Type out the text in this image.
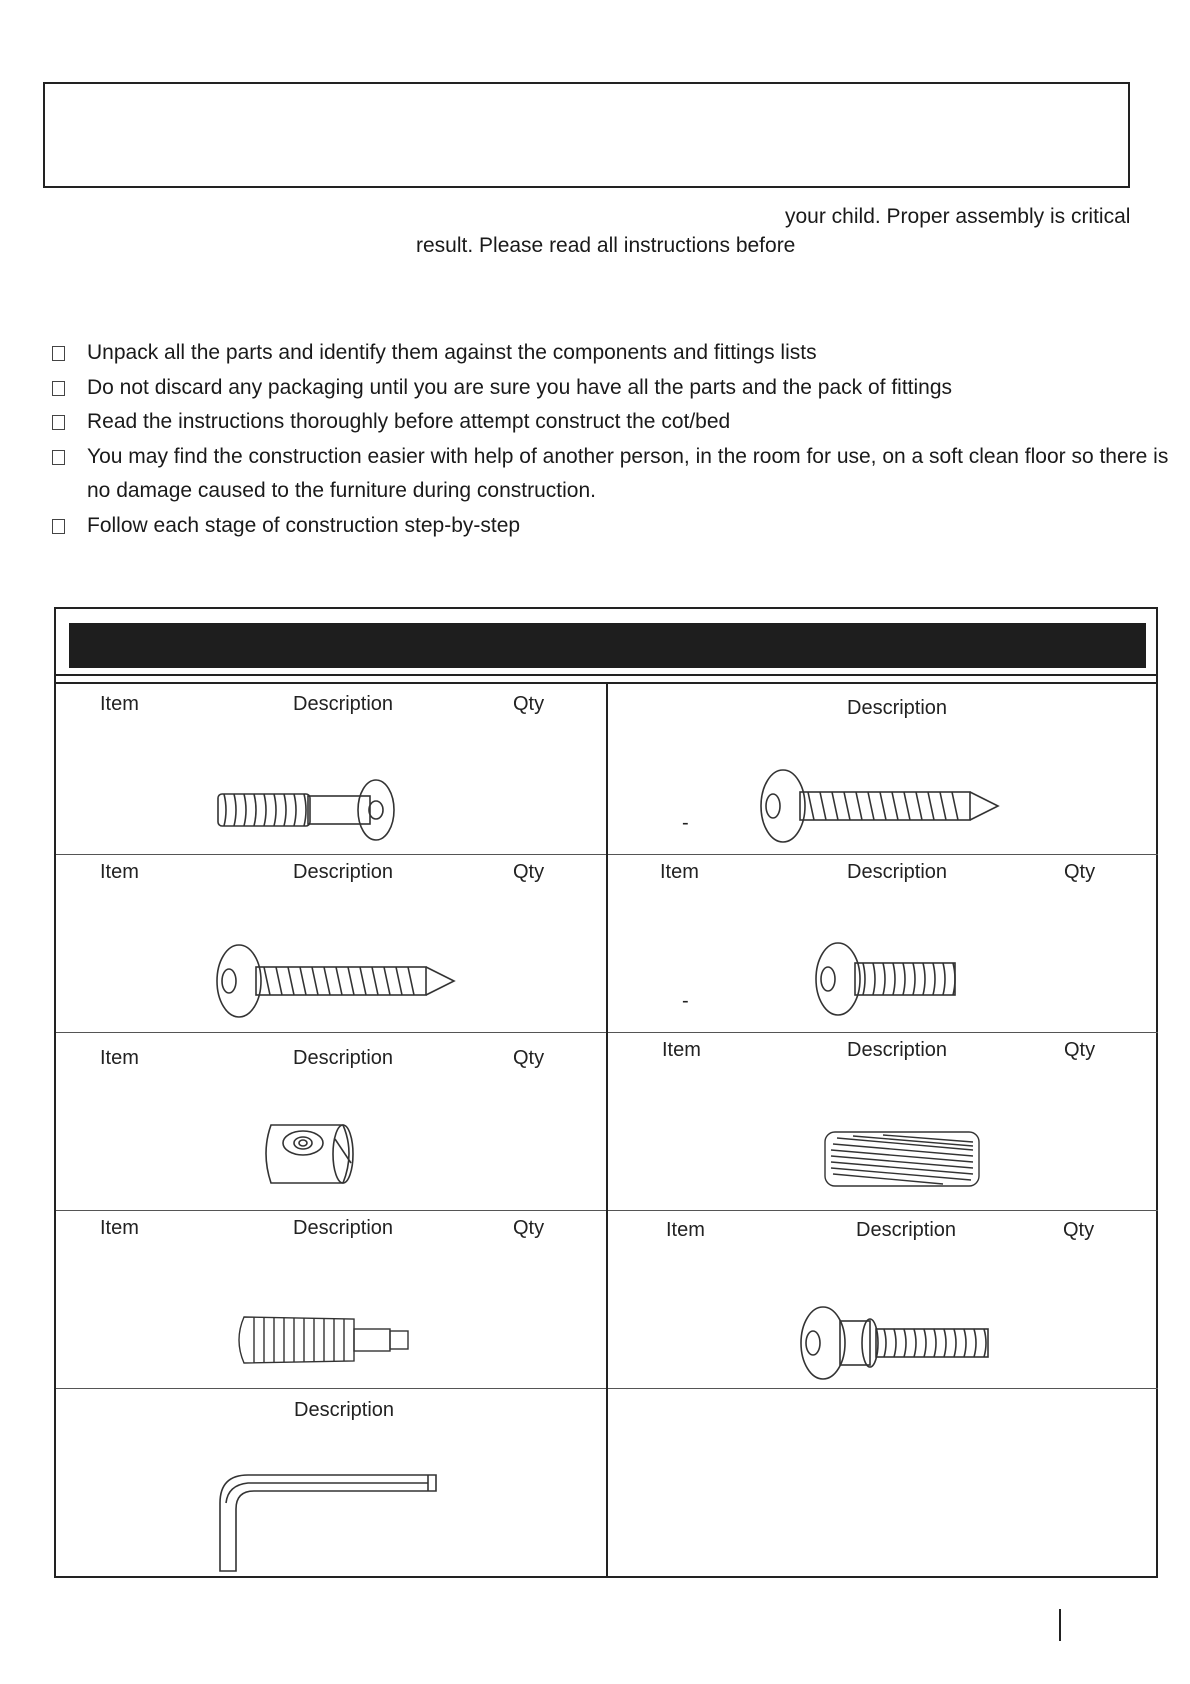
your child. Proper assembly is critical
result. Please read all instructions before
Unpack all the parts and identify them against the components and fittings lists
Do not discard any packaging until you are sure you have all the parts and the pack of fittings
Read the instructions thoroughly before attempt construct the cot/bed
You may find the construction easier with help of another person, in the room for use, on a soft clean floor so there is no damage caused to the furniture during construction.
Follow each stage of construction step-by-step
Item	Description	Qty	Description
-
Item	Description	Qty	Item	Description	Qty
-
Item	Description	Qty	Item	Description	Qty
Item	Description	Qty	Item	Description	Qty
Description
